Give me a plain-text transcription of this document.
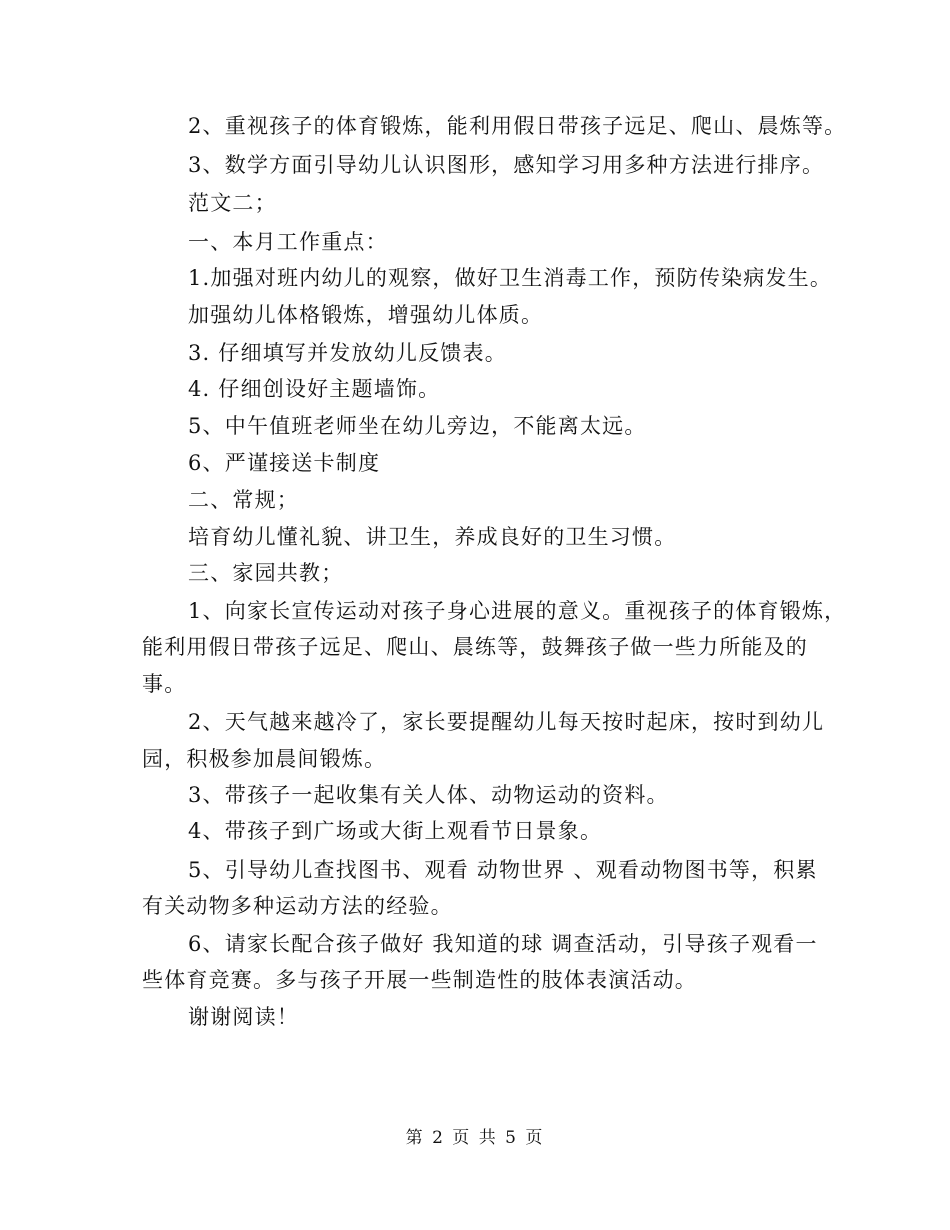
2、重视孩子的体育锻炼，能利用假日带孩子远足、爬山、晨炼等。
3、数学方面引导幼儿认识图形，感知学习用多种方法进行排序。
范文二；
一、本月工作重点：
1.加强对班内幼儿的观察，做好卫生消毒工作，预防传染病发生。
加强幼儿体格锻炼，增强幼儿体质。
3. 仔细填写并发放幼儿反馈表。
4. 仔细创设好主题墙饰。
5、中午值班老师坐在幼儿旁边，不能离太远。
6、严谨接送卡制度
二、常规；
培育幼儿懂礼貌、讲卫生，养成良好的卫生习惯。
三、家园共教；
1、向家长宣传运动对孩子身心进展的意义。重视孩子的体育锻炼，
能利用假日带孩子远足、爬山、晨练等，鼓舞孩子做一些力所能及的
事。
2、天气越来越冷了，家长要提醒幼儿每天按时起床，按时到幼儿
园，积极参加晨间锻炼。
3、带孩子一起收集有关人体、动物运动的资料。
4、带孩子到广场或大街上观看节日景象。
5、引导幼儿查找图书、观看 动物世界 、观看动物图书等，积累
有关动物多种运动方法的经验。
6、请家长配合孩子做好 我知道的球 调查活动，引导孩子观看一
些体育竞赛。多与孩子开展一些制造性的肢体表演活动。
谢谢阅读！
第 2 页 共 5 页
